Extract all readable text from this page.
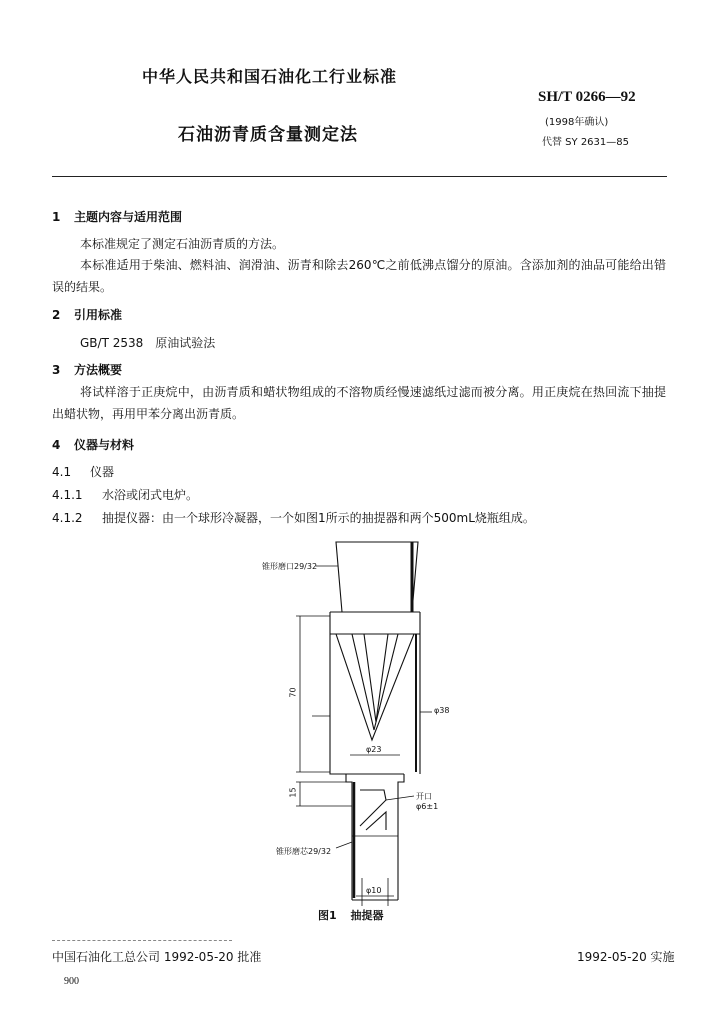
中华人民共和国石油化工行业标准
SH/T 0266—92
石油沥青质含量测定法
(1998年确认)
代替 SY 2631—85
1 主题内容与适用范围
本标准规定了测定石油沥青质的方法。
本标准适用于柴油、燃料油、润滑油、沥青和除去260℃之前低沸点馏分的原油。含添加剂的油品可能给出错误的结果。
2 引用标准
GB/T 2538　原油试验法
3 方法概要
将试样溶于正庚烷中，由沥青质和蜡状物组成的不溶物质经慢速滤纸过滤而被分离。用正庚烷在热回流下抽提出蜡状物，再用甲苯分离出沥青质。
4 仪器与材料
4.1 仪器
4.1.1 水浴或闭式电炉。
4.1.2 抽提仪器：由一个球形冷凝器，一个如图1所示的抽提器和两个500mL烧瓶组成。
锥形磨口29/32
70
15
φ38
φ23
开口
φ6±1
锥形磨芯29/32
φ10
图1 抽提器
中国石油化工总公司 1992-05-20 批准	1992-05-20 实施
900
